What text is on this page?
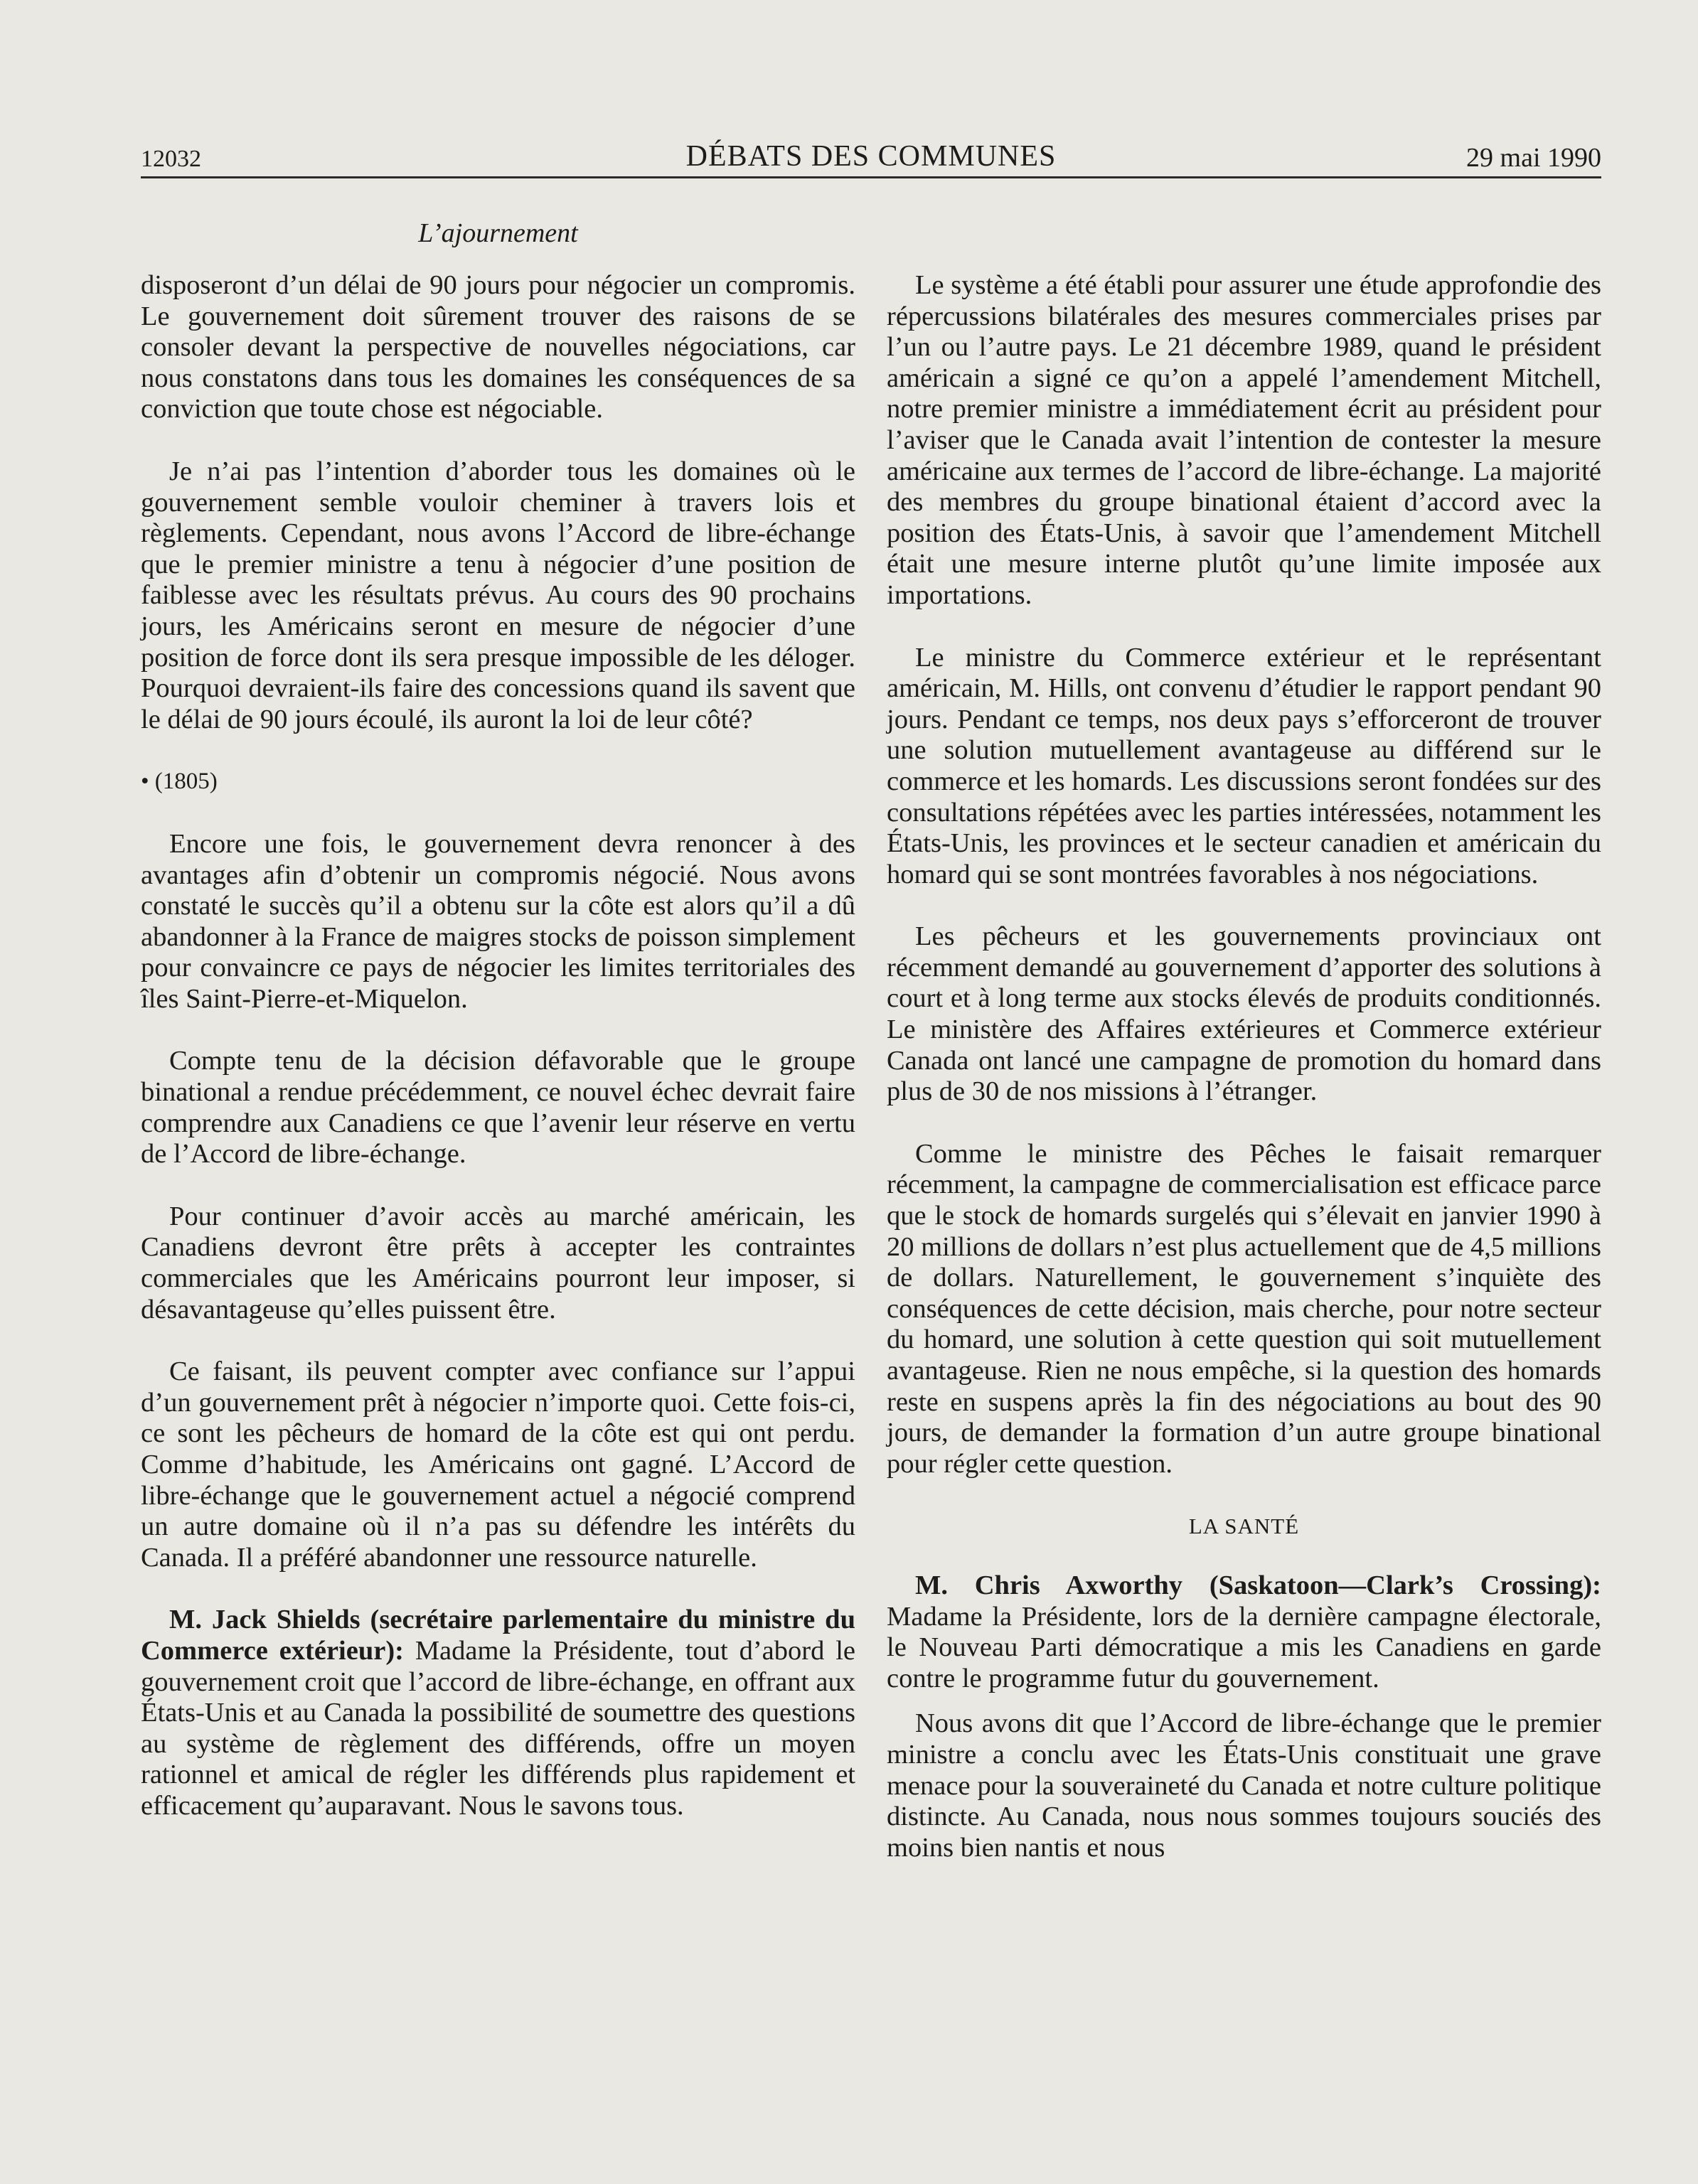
12032	DÉBATS DES COMMUNES	29 mai 1990
L’ajournement

disposeront d’un délai de 90 jours pour négocier un compromis. Le gouvernement doit sûrement trouver des raisons de se consoler devant la perspective de nouvelles négociations, car nous constatons dans tous les domaines les conséquences de sa conviction que toute chose est négociable.

Je n’ai pas l’intention d’aborder tous les domaines où le gouvernement semble vouloir cheminer à travers lois et règlements. Cependant, nous avons l’Accord de libre-échange que le premier ministre a tenu à négocier d’une position de faiblesse avec les résultats prévus. Au cours des 90 prochains jours, les Américains seront en mesure de négocier d’une position de force dont ils sera presque impossible de les déloger. Pourquoi devraient-ils faire des concessions quand ils savent que le délai de 90 jours écoulé, ils auront la loi de leur côté?

• (1805)

Encore une fois, le gouvernement devra renoncer à des avantages afin d’obtenir un compromis négocié. Nous avons constaté le succès qu’il a obtenu sur la côte est alors qu’il a dû abandonner à la France de maigres stocks de poisson simplement pour convaincre ce pays de négocier les limites territoriales des îles Saint-Pierre-et-Miquelon.

Compte tenu de la décision défavorable que le groupe binational a rendue précédemment, ce nouvel échec devrait faire comprendre aux Canadiens ce que l’avenir leur réserve en vertu de l’Accord de libre-échange.

Pour continuer d’avoir accès au marché américain, les Canadiens devront être prêts à accepter les contraintes commerciales que les Américains pourront leur imposer, si désavantageuse qu’elles puissent être.

Ce faisant, ils peuvent compter avec confiance sur l’appui d’un gouvernement prêt à négocier n’importe quoi. Cette fois-ci, ce sont les pêcheurs de homard de la côte est qui ont perdu. Comme d’habitude, les Américains ont gagné. L’Accord de libre-échange que le gouvernement actuel a négocié comprend un autre domaine où il n’a pas su défendre les intérêts du Canada. Il a préféré abandonner une ressource naturelle.

M. Jack Shields (secrétaire parlementaire du ministre du Commerce extérieur): Madame la Présidente, tout d’abord le gouvernement croit que l’accord de libre-échange, en offrant aux États-Unis et au Canada la possibilité de soumettre des questions au système de règlement des différends, offre un moyen rationnel et amical de régler les différends plus rapidement et efficacement qu’auparavant. Nous le savons tous.

Le système a été établi pour assurer une étude approfondie des répercussions bilatérales des mesures commerciales prises par l’un ou l’autre pays. Le 21 décembre 1989, quand le président américain a signé ce qu’on a appelé l’amendement Mitchell, notre premier ministre a immédiatement écrit au président pour l’aviser que le Canada avait l’intention de contester la mesure américaine aux termes de l’accord de libre-échange. La majorité des membres du groupe binational étaient d’accord avec la position des États-Unis, à savoir que l’amendement Mitchell était une mesure interne plutôt qu’une limite imposée aux importations.

Le ministre du Commerce extérieur et le représentant américain, M. Hills, ont convenu d’étudier le rapport pendant 90 jours. Pendant ce temps, nos deux pays s’efforceront de trouver une solution mutuellement avantageuse au différend sur le commerce et les homards. Les discussions seront fondées sur des consultations répétées avec les parties intéressées, notamment les États-Unis, les provinces et le secteur canadien et américain du homard qui se sont montrées favorables à nos négociations.

Les pêcheurs et les gouvernements provinciaux ont récemment demandé au gouvernement d’apporter des solutions à court et à long terme aux stocks élevés de produits conditionnés. Le ministère des Affaires extérieures et Commerce extérieur Canada ont lancé une campagne de promotion du homard dans plus de 30 de nos missions à l’étranger.

Comme le ministre des Pêches le faisait remarquer récemment, la campagne de commercialisation est efficace parce que le stock de homards surgelés qui s’élevait en janvier 1990 à 20 millions de dollars n’est plus actuellement que de 4,5 millions de dollars. Naturellement, le gouvernement s’inquiète des conséquences de cette décision, mais cherche, pour notre secteur du homard, une solution à cette question qui soit mutuellement avantageuse. Rien ne nous empêche, si la question des homards reste en suspens après la fin des négociations au bout des 90 jours, de demander la formation d’un autre groupe binational pour régler cette question.

LA SANTÉ

M. Chris Axworthy (Saskatoon—Clark’s Crossing): Madame la Présidente, lors de la dernière campagne électorale, le Nouveau Parti démocratique a mis les Canadiens en garde contre le programme futur du gouvernement.

Nous avons dit que l’Accord de libre-échange que le premier ministre a conclu avec les États-Unis constituait une grave menace pour la souveraineté du Canada et notre culture politique distincte. Au Canada, nous nous sommes toujours souciés des moins bien nantis et nous
